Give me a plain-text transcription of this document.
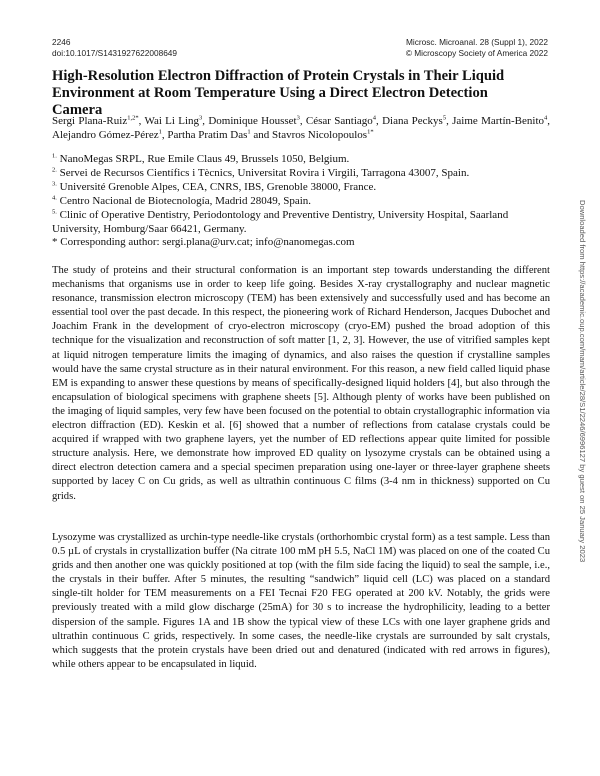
2246
doi:10.1017/S1431927622008649
Microsc. Microanal. 28 (Suppl 1), 2022
© Microscopy Society of America 2022
High-Resolution Electron Diffraction of Protein Crystals in Their Liquid Environment at Room Temperature Using a Direct Electron Detection Camera
Sergi Plana-Ruiz$^{1,2*}$, Wai Li Ling$^3$, Dominique Housset$^3$, César Santiago$^4$, Diana Peckys$^5$, Jaime Martín-Benito$^4$, Alejandro Gómez-Pérez$^1$, Partha Pratim Das$^1$ and Stavros Nicolopoulos$^{1*}$

$^{1.}$ NanoMegas SRPL, Rue Emile Claus 49, Brussels 1050, Belgium.

$^{2.}$ Servei de Recursos Científics i Tècnics, Universitat Rovira i Virgili, Tarragona 43007, Spain.

$^{3.}$ Université Grenoble Alpes, CEA, CNRS, IBS, Grenoble 38000, France.

$^{4.}$ Centro Nacional de Biotecnología, Madrid 28049, Spain.

$^{5.}$ Clinic of Operative Dentistry, Periodontology and Preventive Dentistry, University Hospital, Saarland University, Homburg/Saar 66421, Germany.

* Corresponding author: sergi.plana@urv.cat; info@nanomegas.com

The study of proteins and their structural conformation is an important step towards understanding the different mechanisms that organisms use in order to keep life going. Besides X-ray crystallography and nuclear magnetic resonance, transmission electron microscopy (TEM) has been extensively and successfully used and has become an essential tool over the past decade. In this respect, the pioneering work of Richard Henderson, Jacques Dubochet and Joachim Frank in the development of cryo-electron microscopy (cryo-EM) pushed the broad adoption of this technique for the visualization and reconstruction of soft matter [1, 2, 3]. However, the use of vitrified samples kept at liquid nitrogen temperature limits the imaging of dynamics, and also raises the question if crystalline samples would have the same crystal structure as in their natural environment. For this reason, a new field called liquid phase EM is expanding to answer these questions by means of specifically-designed liquid holders [4], but also through the encapsulation of biological specimens with graphene sheets [5]. Although plenty of works have been published on the imaging of liquid samples, very few have been focused on the potential to obtain crystallographic information via electron diffraction (ED). Keskin et al. [6] showed that a number of reflections from catalase crystals could be acquired if wrapped with two graphene layers, yet the number of ED reflections appear quite limited for possible structure analysis. Here, we demonstrate how improved ED quality on lysozyme crystals can be obtained using a direct electron detection camera and a special specimen preparation using one-layer or three-layer graphene sheets supported by lacey C on Cu grids, as well as ultrathin continuous C films (3-4 nm in thickness) supported on Cu grids.

Lysozyme was crystallized as urchin-type needle-like crystals (orthorhombic crystal form) as a test sample. Less than 0.5 µL of crystals in crystallization buffer (Na citrate 100 mM pH 5.5, NaCl 1M) was placed on one of the coated Cu grids and then another one was quickly positioned at top (with the film side facing the liquid) to seal the sample, i.e., the crystals in their buffer. After 5 minutes, the resulting “sandwich” liquid cell (LC) was placed on a standard single-tilt holder for TEM measurements on a FEI Tecnai F20 FEG operated at 200 kV. Notably, the grids were previously treated with a mild glow discharge (25mA) for 30 s to increase the hydrophilicity, leading to a better dispersion of the sample. Figures 1A and 1B show the typical view of these LCs with one layer graphene grids and ultrathin continuous C grids, respectively. In some cases, the needle-like crystals are surrounded by salt crystals, which suggests that the protein crystals have been dried out and denatured (indicated with red arrows in figures), while others appear to be encapsulated in liquid.

Downloaded from https://academic.oup.com/mam/article/28/S1/2246/6996127 by guest on 25 January 2023
